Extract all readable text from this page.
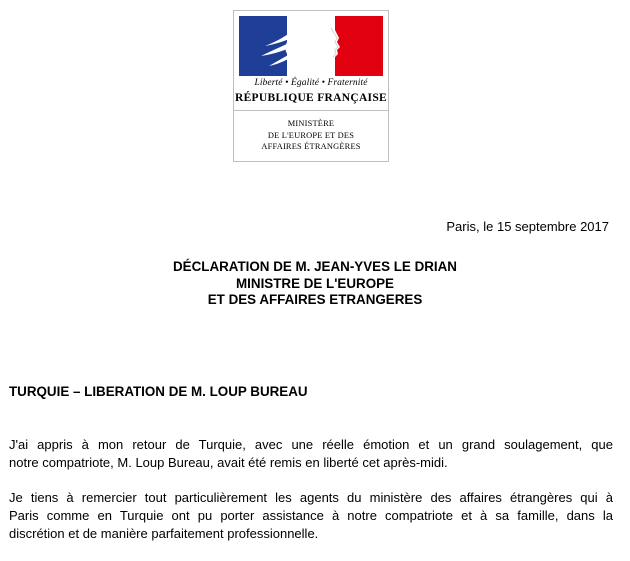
Liberté • Égalité • Fraternité
RÉPUBLIQUE FRANÇAISE
MINISTÈRE
DE L'EUROPE ET DES
AFFAIRES ÉTRANGÈRES
Paris, le 15 septembre 2017
DÉCLARATION DE M. JEAN-YVES LE DRIAN
MINISTRE DE L'EUROPE
ET DES AFFAIRES ETRANGERES
TURQUIE – LIBERATION DE M. LOUP BUREAU
J'ai appris à mon retour de Turquie, avec une réelle émotion et un grand soulagement, que
notre compatriote, M. Loup Bureau, avait été remis en liberté cet après-midi.
Je tiens à remercier tout particulièrement les agents du ministère des affaires étrangères qui à
Paris comme en Turquie ont pu porter assistance à notre compatriote et à sa famille, dans la
discrétion et de manière parfaitement professionnelle.
